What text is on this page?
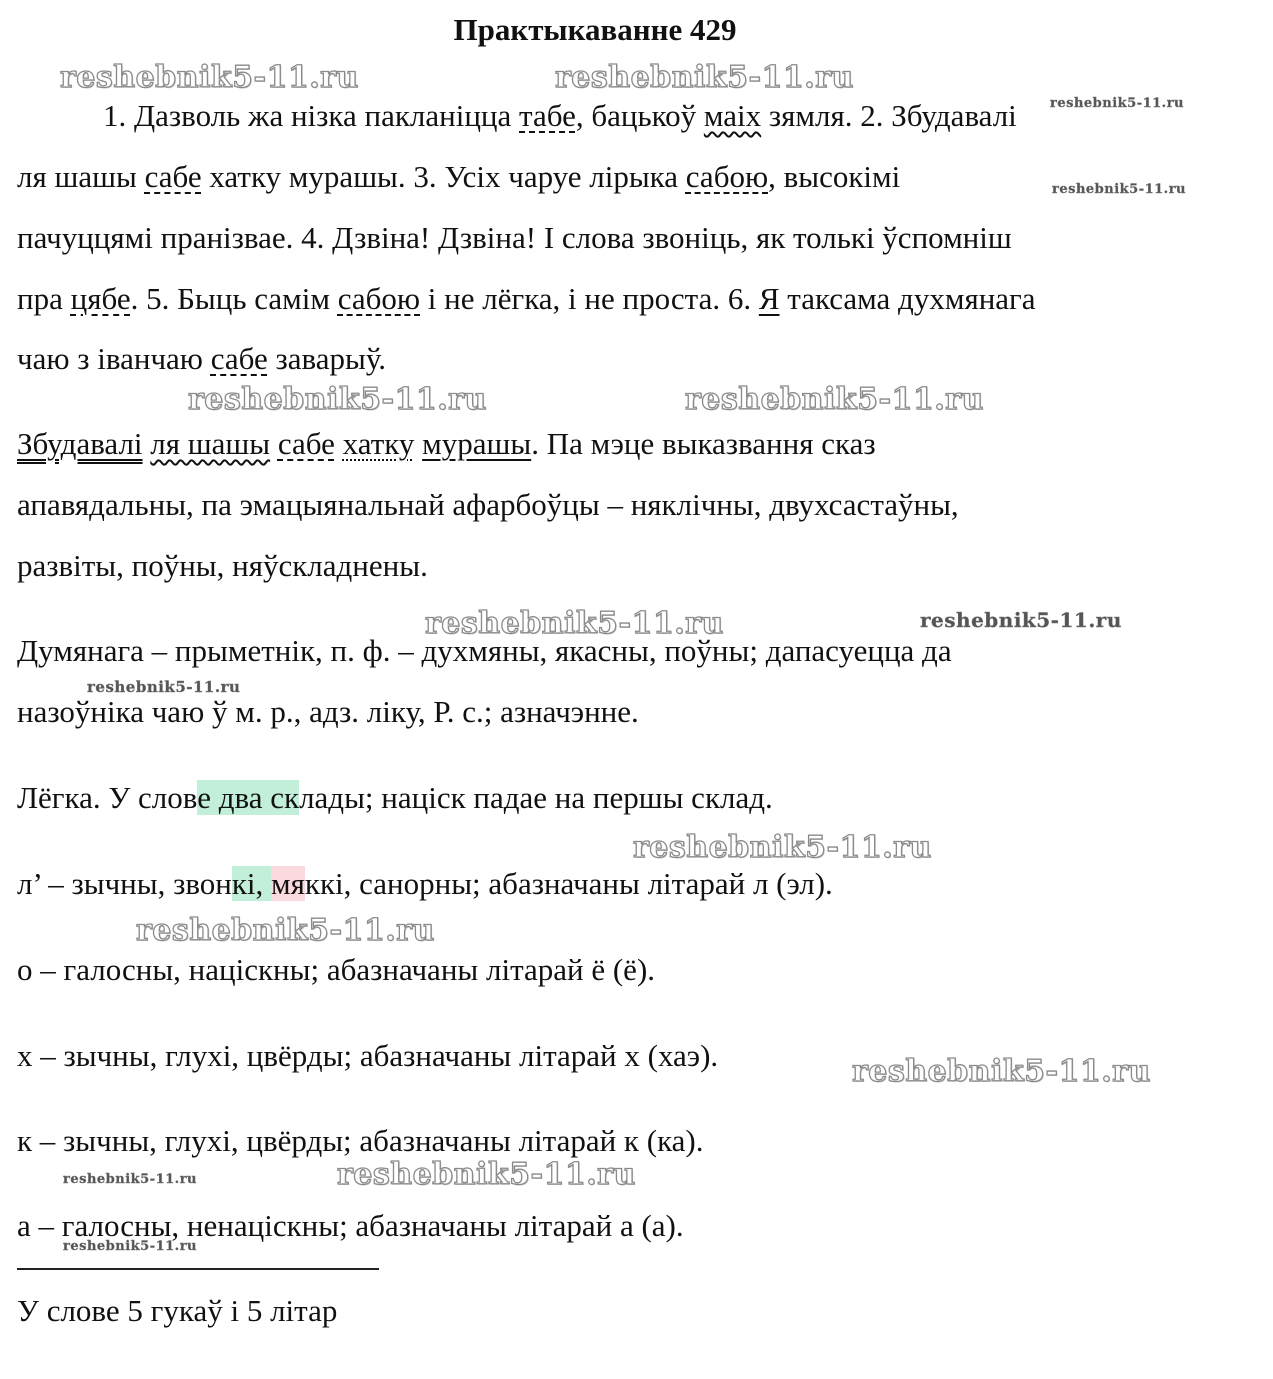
Практыкаванне 429
reshebnik5-11.ru	reshebnik5-11.ru
reshebnik5-11.ru
reshebnik5-11.ru
reshebnik5-11.ru	reshebnik5-11.ru
reshebnik5-11.ru	reshebnik5-11.ru
reshebnik5-11.ru
reshebnik5-11.ru
reshebnik5-11.ru
reshebnik5-11.ru
reshebnik5-11.ru
reshebnik5-11.ru
reshebnik5-11.ru
1. Дазволь жа нізка пакланіцца табе, бацькоў маіх зямля. 2. Збудавалі
ля шашы сабе хатку мурашы. 3. Усіх чаруе лірыка сабою, высокімі
пачуццямі пранізвае. 4. Дзвіна! Дзвіна! І слова звоніць, як толькі ўспомніш
пра цябе. 5. Быць самім сабою і не лёгка, і не проста. 6. Я таксама духмянага
чаю з іванчаю сабе заварыў.
Збудавалі ля шашы сабе хатку мурашы. Па мэце выказвання сказ
апавядальны, па эмацыянальнай афарбоўцы – няклічны, двухсастаўны,
развіты, поўны, няўскладнены.
Думянага – прыметнік, п. ф. – духмяны, якасны, поўны; дапасуецца да
назоўніка чаю ў м. р., адз. ліку, Р. с.; азначэнне.
Лёгка. У слове два склады; націск падае на першы склад.
л’ – зычны, звонкі, мяккі, санорны; абазначаны літарай л (эл).
о – галосны, націскны; абазначаны літарай ё (ё).
х – зычны, глухі, цвёрды; абазначаны літарай х (хаэ).
к – зычны, глухі, цвёрды; абазначаны літарай к (ка).
а – галосны, ненаціскны; абазначаны літарай а (а).
У слове 5 гукаў і 5 літар
